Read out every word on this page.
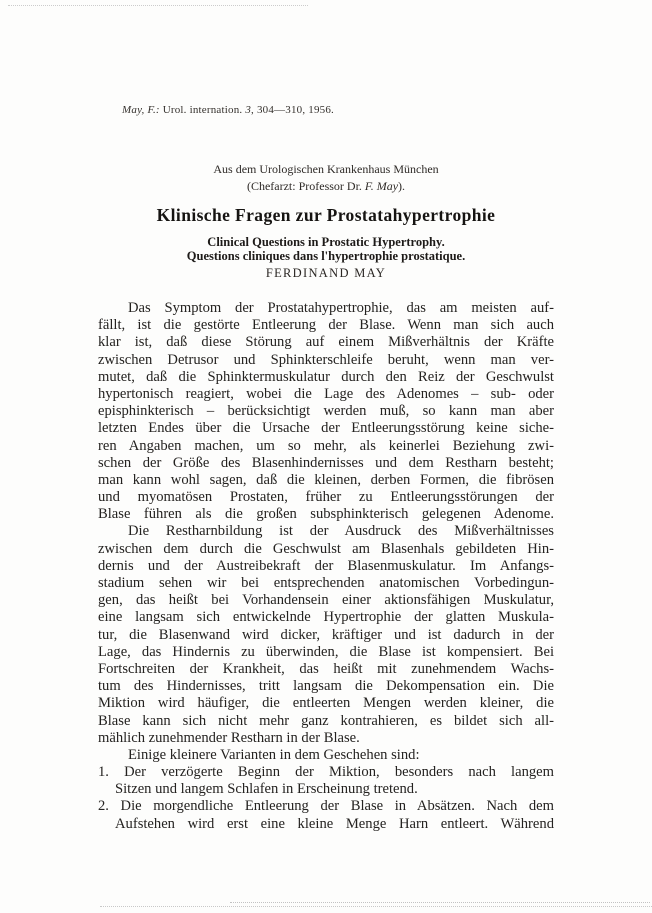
May, F.: Urol. internation. 3, 304—310, 1956.
Aus dem Urologischen Krankenhaus München
(Chefarzt: Professor Dr. F. May).
Klinische Fragen zur Prostatahypertrophie
Clinical Questions in Prostatic Hypertrophy.
Questions cliniques dans l'hypertrophie prostatique.
FERDINAND MAY
Das Symptom der Prostatahypertrophie, das am meisten auf-
fällt, ist die gestörte Entleerung der Blase. Wenn man sich auch
klar ist, daß diese Störung auf einem Mißverhältnis der Kräfte
zwischen Detrusor und Sphinkterschleife beruht, wenn man ver-
mutet, daß die Sphinktermuskulatur durch den Reiz der Geschwulst
hypertonisch reagiert, wobei die Lage des Adenomes – sub- oder
episphinkterisch – berücksichtigt werden muß, so kann man aber
letzten Endes über die Ursache der Entleerungsstörung keine siche-
ren Angaben machen, um so mehr, als keinerlei Beziehung zwi-
schen der Größe des Blasenhindernisses und dem Restharn besteht;
man kann wohl sagen, daß die kleinen, derben Formen, die fibrösen
und myomatösen Prostaten, früher zu Entleerungsstörungen der
Blase führen als die großen subsphinkterisch gelegenen Adenome.
Die Restharnbildung ist der Ausdruck des Mißverhältnisses
zwischen dem durch die Geschwulst am Blasenhals gebildeten Hin-
dernis und der Austreibekraft der Blasenmuskulatur. Im Anfangs-
stadium sehen wir bei entsprechenden anatomischen Vorbedingun-
gen, das heißt bei Vorhandensein einer aktionsfähigen Muskulatur,
eine langsam sich entwickelnde Hypertrophie der glatten Muskula-
tur, die Blasenwand wird dicker, kräftiger und ist dadurch in der
Lage, das Hindernis zu überwinden, die Blase ist kompensiert. Bei
Fortschreiten der Krankheit, das heißt mit zunehmendem Wachs-
tum des Hindernisses, tritt langsam die Dekompensation ein. Die
Miktion wird häufiger, die entleerten Mengen werden kleiner, die
Blase kann sich nicht mehr ganz kontrahieren, es bildet sich all-
mählich zunehmender Restharn in der Blase.
Einige kleinere Varianten in dem Geschehen sind:
1. Der verzögerte Beginn der Miktion, besonders nach langem
Sitzen und langem Schlafen in Erscheinung tretend.
2. Die morgendliche Entleerung der Blase in Absätzen. Nach dem
Aufstehen wird erst eine kleine Menge Harn entleert. Während
